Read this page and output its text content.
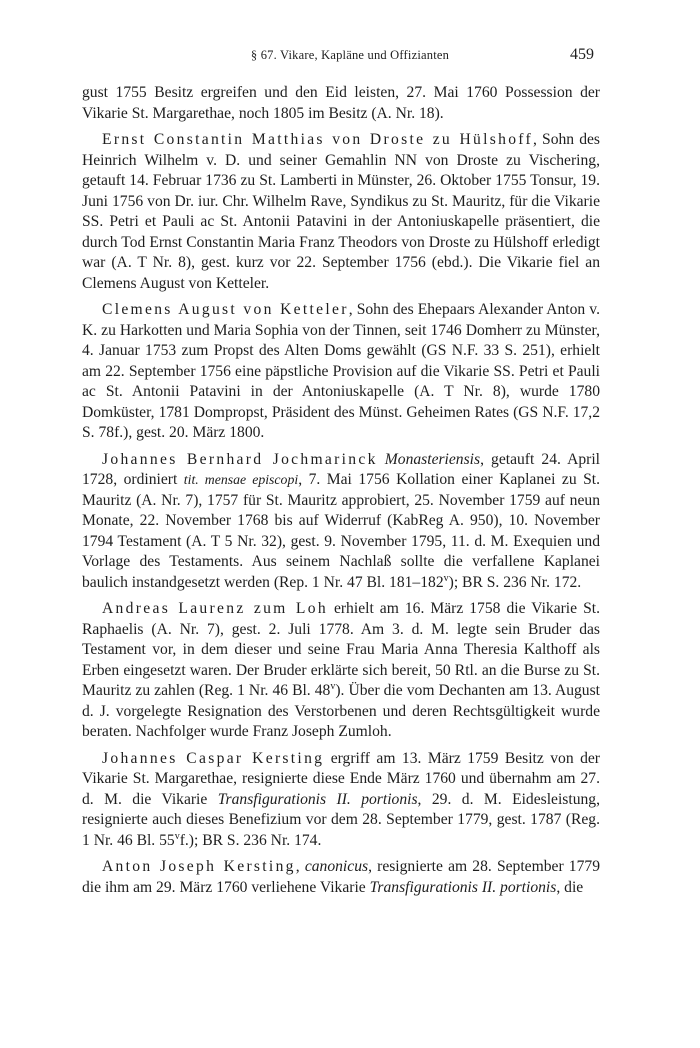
§ 67. Vikare, Kapläne und Offizianten	459

gust 1755 Besitz ergreifen und den Eid leisten, 27. Mai 1760 Possession der Vikarie St. Margarethae, noch 1805 im Besitz (A. Nr. 18).

Ernst Constantin Matthias von Droste zu Hülshoff, Sohn des Heinrich Wilhelm v. D. und seiner Gemahlin NN von Droste zu Vischering, getauft 14. Februar 1736 zu St. Lamberti in Münster, 26. Oktober 1755 Tonsur, 19. Juni 1756 von Dr. iur. Chr. Wilhelm Rave, Syndikus zu St. Mauritz, für die Vikarie SS. Petri et Pauli ac St. Antonii Patavini in der Antoniuskapelle präsentiert, die durch Tod Ernst Constantin Maria Franz Theodors von Droste zu Hülshoff erledigt war (A. T Nr. 8), gest. kurz vor 22. September 1756 (ebd.). Die Vikarie fiel an Clemens August von Ketteler.

Clemens August von Ketteler, Sohn des Ehepaars Alexander Anton v. K. zu Harkotten und Maria Sophia von der Tinnen, seit 1746 Domherr zu Münster, 4. Januar 1753 zum Propst des Alten Doms gewählt (GS N.F. 33 S. 251), erhielt am 22. September 1756 eine päpstliche Provision auf die Vikarie SS. Petri et Pauli ac St. Antonii Patavini in der Antoniuskapelle (A. T Nr. 8), wurde 1780 Domküster, 1781 Dompropst, Präsident des Münst. Geheimen Rates (GS N.F. 17,2 S. 78f.), gest. 20. März 1800.

Johannes Bernhard Jochmarinck Monasteriensis, getauft 24. April 1728, ordiniert tit. mensae episcopi, 7. Mai 1756 Kollation einer Kaplanei zu St. Mauritz (A. Nr. 7), 1757 für St. Mauritz approbiert, 25. November 1759 auf neun Monate, 22. November 1768 bis auf Widerruf (KabReg A. 950), 10. November 1794 Testament (A. T 5 Nr. 32), gest. 9. November 1795, 11. d. M. Exequien und Vorlage des Testaments. Aus seinem Nachlaß sollte die verfallene Kaplanei baulich instandgesetzt werden (Rep. 1 Nr. 47 Bl. 181–182$^v$); BR S. 236 Nr. 172.

Andreas Laurenz zum Loh erhielt am 16. März 1758 die Vikarie St. Raphaelis (A. Nr. 7), gest. 2. Juli 1778. Am 3. d. M. legte sein Bruder das Testament vor, in dem dieser und seine Frau Maria Anna Theresia Kalthoff als Erben eingesetzt waren. Der Bruder erklärte sich bereit, 50 Rtl. an die Burse zu St. Mauritz zu zahlen (Reg. 1 Nr. 46 Bl. 48$^v$). Über die vom Dechanten am 13. August d. J. vorgelegte Resignation des Verstorbenen und deren Rechtsgültigkeit wurde beraten. Nachfolger wurde Franz Joseph Zumloh.

Johannes Caspar Kersting ergriff am 13. März 1759 Besitz von der Vikarie St. Margarethae, resignierte diese Ende März 1760 und übernahm am 27. d. M. die Vikarie Transfigurationis II. portionis, 29. d. M. Eidesleistung, resignierte auch dieses Benefizium vor dem 28. September 1779, gest. 1787 (Reg. 1 Nr. 46 Bl. 55$^v$f.); BR S. 236 Nr. 174.

Anton Joseph Kersting, canonicus, resignierte am 28. September 1779 die ihm am 29. März 1760 verliehene Vikarie Transfigurationis II. portionis, die
